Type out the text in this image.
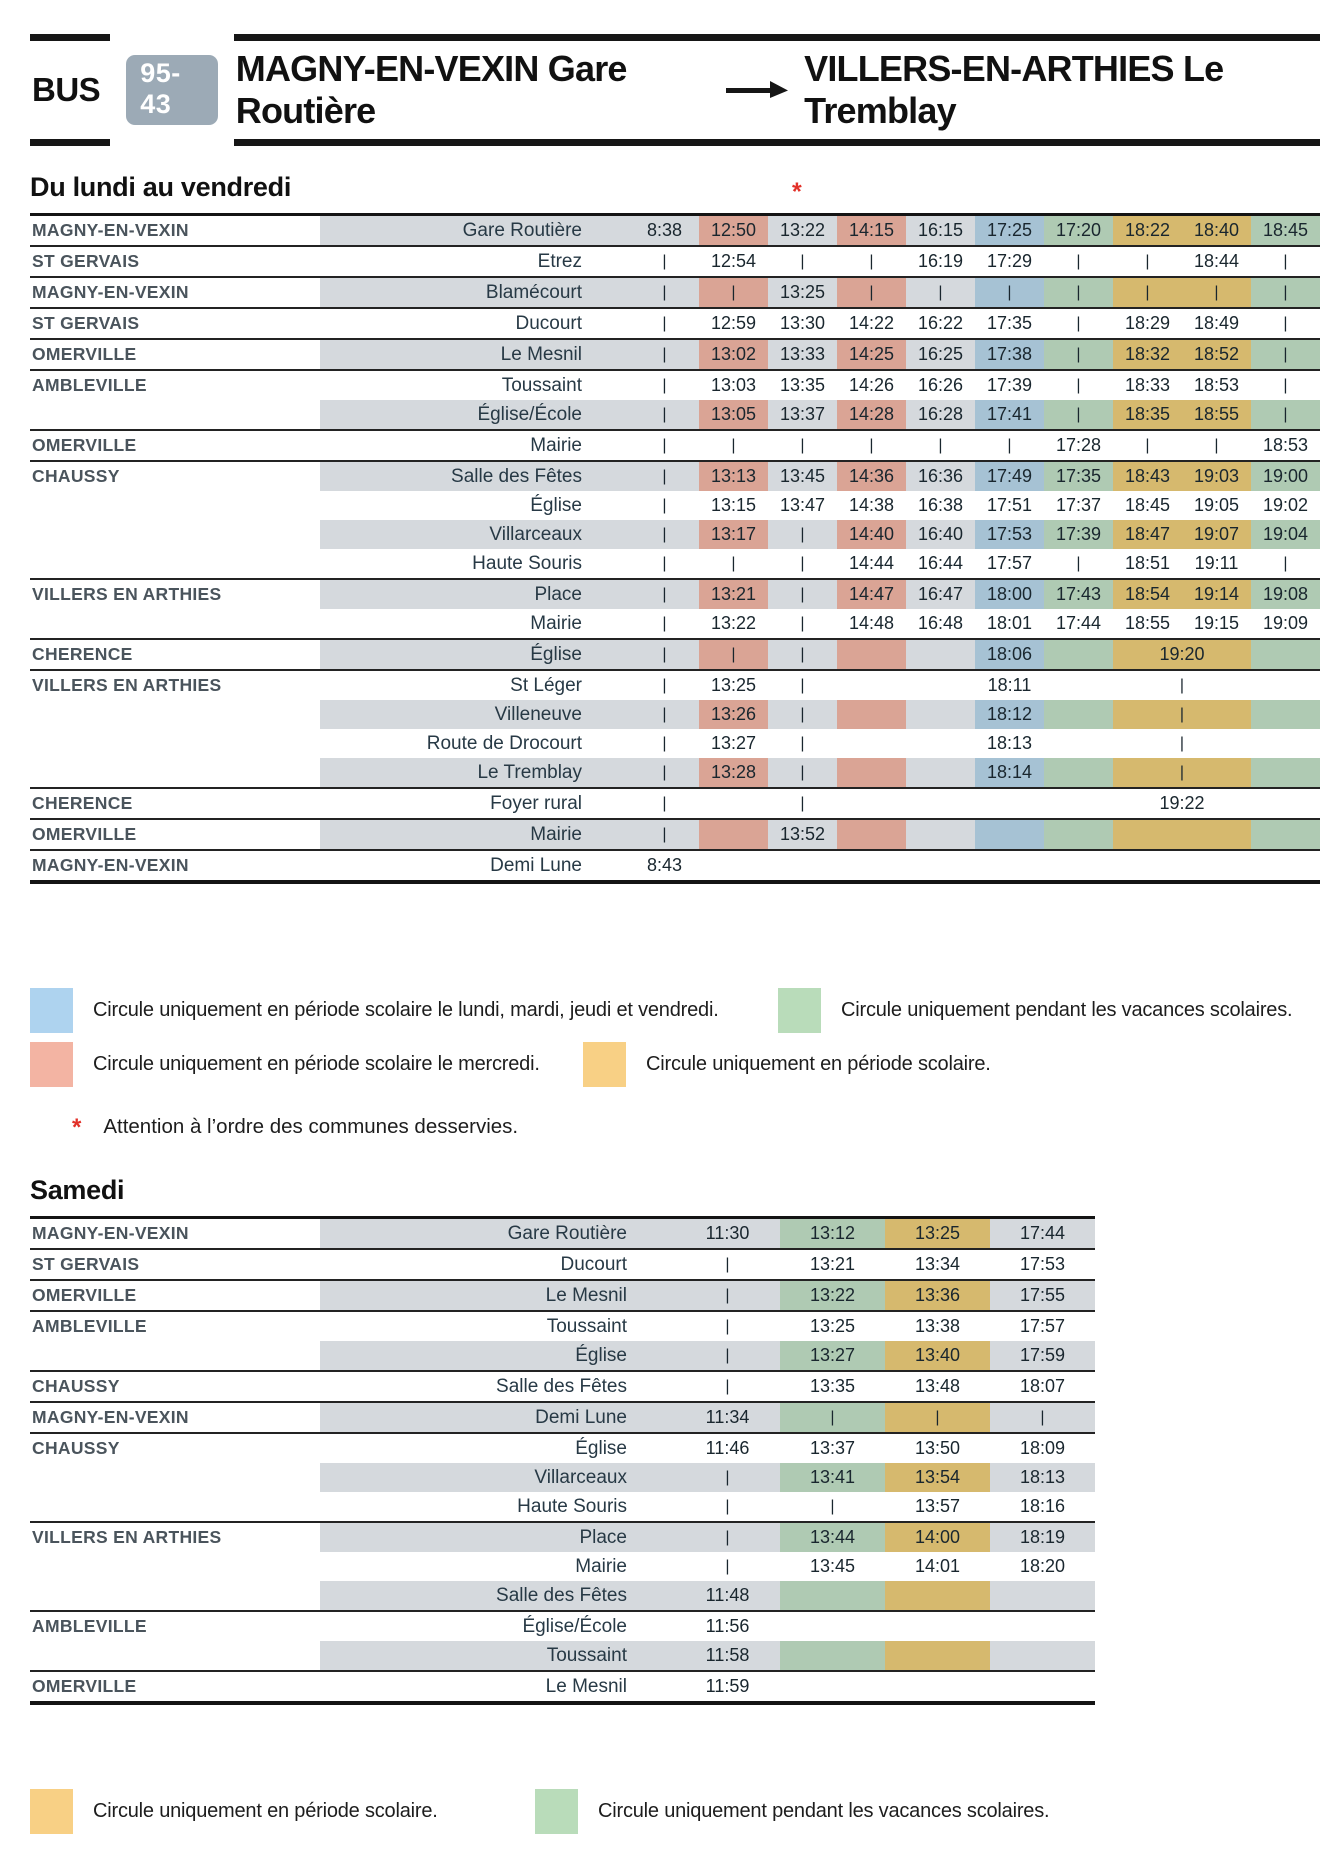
BUS	95-43
MAGNY-EN-VEXIN Gare Routière
VILLERS-EN-ARTHIES Le Tremblay
Du lundi au vendredi	*
MAGNY-EN-VEXIN	Gare Routière	8:38	12:50	13:22	14:15	16:15	17:25	17:20	18:22	18:40	18:45
ST GERVAIS	Etrez	|	12:54	|	|	16:19	17:29	|	|	18:44	|
MAGNY-EN-VEXIN	Blamécourt	|	|	13:25	|	|	|	|	|	|	|
ST GERVAIS	Ducourt	|	12:59	13:30	14:22	16:22	17:35	|	18:29	18:49	|
OMERVILLE	Le Mesnil	|	13:02	13:33	14:25	16:25	17:38	|	18:32	18:52	|
AMBLEVILLE	Toussaint	|	13:03	13:35	14:26	16:26	17:39	|	18:33	18:53	|
	Église/École	|	13:05	13:37	14:28	16:28	17:41	|	18:35	18:55	|
OMERVILLE	Mairie	|	|	|	|	|	|	17:28	|	|	18:53
CHAUSSY	Salle des Fêtes	|	13:13	13:45	14:36	16:36	17:49	17:35	18:43	19:03	19:00
	Église	|	13:15	13:47	14:38	16:38	17:51	17:37	18:45	19:05	19:02
	Villarceaux	|	13:17	|	14:40	16:40	17:53	17:39	18:47	19:07	19:04
	Haute Souris	|	|	|	14:44	16:44	17:57	|	18:51	19:11	|
VILLERS EN ARTHIES	Place	|	13:21	|	14:47	16:47	18:00	17:43	18:54	19:14	19:08
	Mairie	|	13:22	|	14:48	16:48	18:01	17:44	18:55	19:15	19:09
CHERENCE	Église	|	|	|			18:06		19:20		
VILLERS EN ARTHIES	St Léger	|	13:25	|			18:11		|		
	Villeneuve	|	13:26	|			18:12		|		
	Route de Drocourt	|	13:27	|			18:13		|		
	Le Tremblay	|	13:28	|			18:14		|		
CHERENCE	Foyer rural	|		|					19:22		
OMERVILLE	Mairie	|		13:52							
MAGNY-EN-VEXIN	Demi Lune	8:43									
Circule uniquement en période scolaire le lundi, mardi, jeudi et vendredi.	Circule uniquement pendant les vacances scolaires.
Circule uniquement en période scolaire le mercredi.	Circule uniquement en période scolaire.
* Attention à l’ordre des communes desservies.
Samedi
MAGNY-EN-VEXIN	Gare Routière	11:30	13:12	13:25	17:44
ST GERVAIS	Ducourt	|	13:21	13:34	17:53
OMERVILLE	Le Mesnil	|	13:22	13:36	17:55
AMBLEVILLE	Toussaint	|	13:25	13:38	17:57
	Église	|	13:27	13:40	17:59
CHAUSSY	Salle des Fêtes	|	13:35	13:48	18:07
MAGNY-EN-VEXIN	Demi Lune	11:34	|	|	|
CHAUSSY	Église	11:46	13:37	13:50	18:09
	Villarceaux	|	13:41	13:54	18:13
	Haute Souris	|	|	13:57	18:16
VILLERS EN ARTHIES	Place	|	13:44	14:00	18:19
	Mairie	|	13:45	14:01	18:20
	Salle des Fêtes	11:48			
AMBLEVILLE	Église/École	11:56			
	Toussaint	11:58			
OMERVILLE	Le Mesnil	11:59			
Circule uniquement en période scolaire.	Circule uniquement pendant les vacances scolaires.
